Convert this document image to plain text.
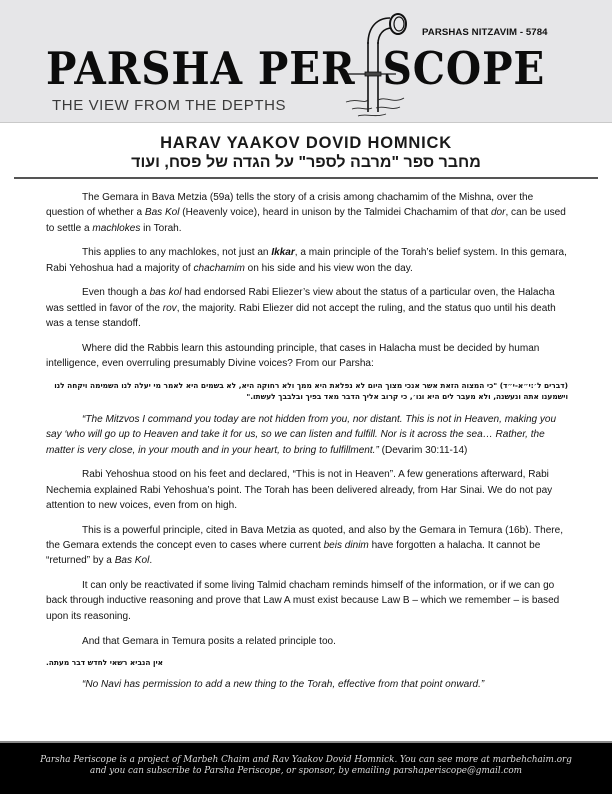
PARSHAS NITZAVIM - 5784
PARSHA PER SCOPE
THE VIEW FROM THE DEPTHS
HARAV YAAKOV DOVID HOMNICK
מחבר ספר "מרבה לספר" על הגדה של פסח, ועוד

The Gemara in Bava Metzia (59a) tells the story of a crisis among chachamim of the Mishna, over the question of whether a Bas Kol (Heavenly voice), heard in unison by the Talmidei Chachamim of that dor, can be used to settle a machlokes in Torah.

This applies to any machlokes, not just an Ikkar, a main principle of the Torah’s belief system. In this gemara, Rabi Yehoshua had a majority of chachamim on his side and his view won the day.

Even though a bas kol had endorsed Rabi Eliezer’s view about the status of a particular oven, the Halacha was settled in favor of the rov, the majority. Rabi Eliezer did not accept the ruling, and the status quo until his death was a tense standoff.

Where did the Rabbis learn this astounding principle, that cases in Halacha must be decided by human intelligence, even overruling presumably Divine voices? From our Parsha:

(דברים ל׳:י״א-י״ד) "כי המצוה הזאת אשר אנכי מצוך היום לא נפלאת היא ממך ולא רחוקה היא, לא בשמים היא לאמר מי יעלה לנו השמימה ויקחה לנו וישמענו אתה ונעשנה, ולא מעבר לים היא וגו׳, כי קרוב אליך הדבר מאד בפיך ובלבבך לעשתו."

“The Mitzvos I command you today are not hidden from you, nor distant. This is not in Heaven, making you say ‘who will go up to Heaven and take it for us, so we can listen and fulfill. Nor is it across the sea… Rather, the matter is very close, in your mouth and in your heart, to bring to fulfillment.” (Devarim 30:11-14)

Rabi Yehoshua stood on his feet and declared, “This is not in Heaven”. A few generations afterward, Rabi Nechemia explained Rabi Yehoshua’s point. The Torah has been delivered already, from Har Sinai. We do not pay attention to new voices, even from on high.

This is a powerful principle, cited in Bava Metzia as quoted, and also by the Gemara in Temura (16b). There, the Gemara extends the concept even to cases where current beis dinim have forgotten a halacha. It cannot be “returned” by a Bas Kol.

It can only be reactivated if some living Talmid chacham reminds himself of the information, or if we can go back through inductive reasoning and prove that Law A must exist because Law B – which we remember – is based upon its reasoning.

And that Gemara in Temura posits a related principle too.

אין הנביא רשאי לחדש דבר מעתה.

“No Navi has permission to add a new thing to the Torah, effective from that point onward.”

Parsha Periscope is a project of Marbeh Chaim and Rav Yaakov Dovid Homnick. You can see more at marbehchaim.org
and you can subscribe to Parsha Periscope, or sponsor, by emailing parshaperiscope@gmail.com
